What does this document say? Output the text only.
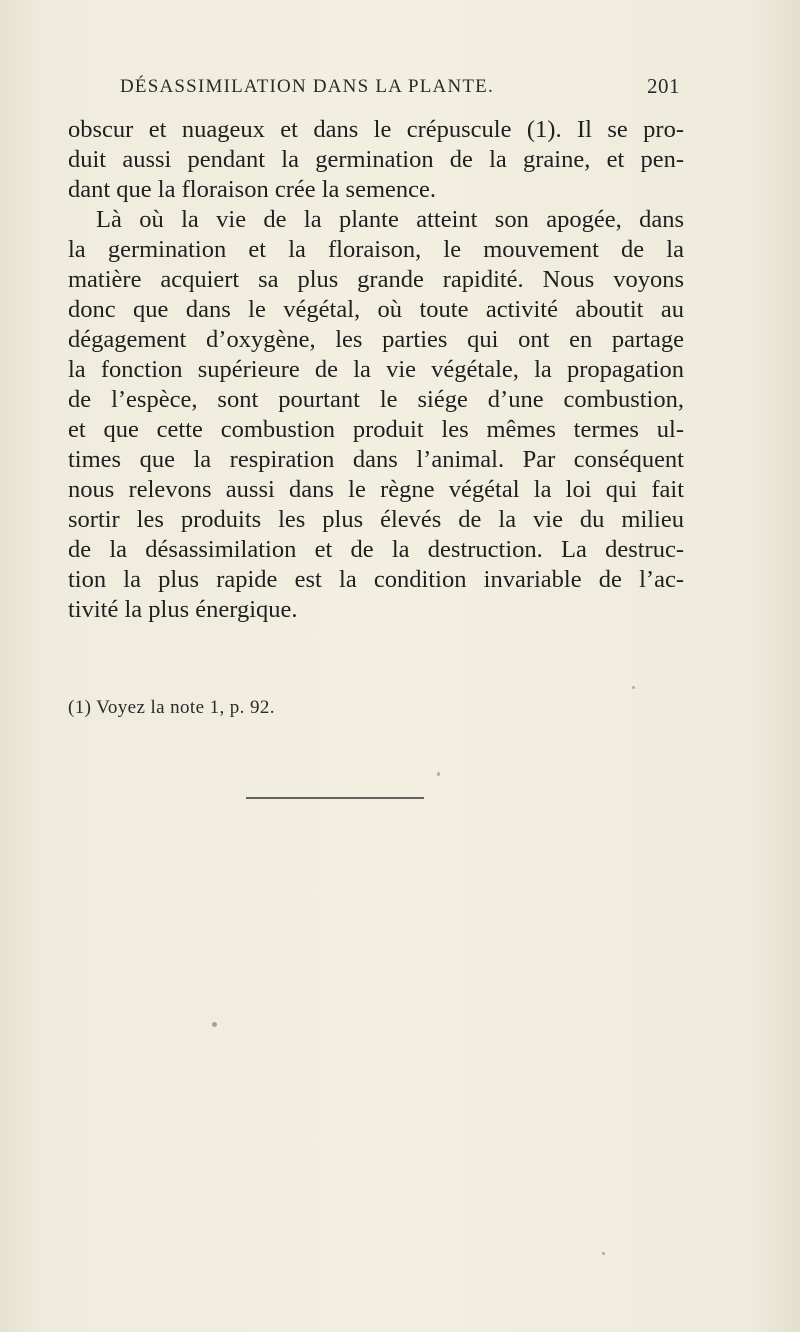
DÉSASSIMILATION DANS LA PLANTE.	201
obscur et nuageux et dans le crépuscule (1). Il se pro-
duit aussi pendant la germination de la graine, et pen-
dant que la floraison crée la semence.
Là où la vie de la plante atteint son apogée, dans
la germination et la floraison, le mouvement de la
matière acquiert sa plus grande rapidité. Nous voyons
donc que dans le végétal, où toute activité aboutit au
dégagement d’oxygène, les parties qui ont en partage
la fonction supérieure de la vie végétale, la propagation
de l’espèce, sont pourtant le siége d’une combustion,
et que cette combustion produit les mêmes termes ul-
times que la respiration dans l’animal. Par conséquent
nous relevons aussi dans le règne végétal la loi qui fait
sortir les produits les plus élevés de la vie du milieu
de la désassimilation et de la destruction. La destruc-
tion la plus rapide est la condition invariable de l’ac-
tivité la plus énergique.
(1) Voyez la note 1, p. 92.
